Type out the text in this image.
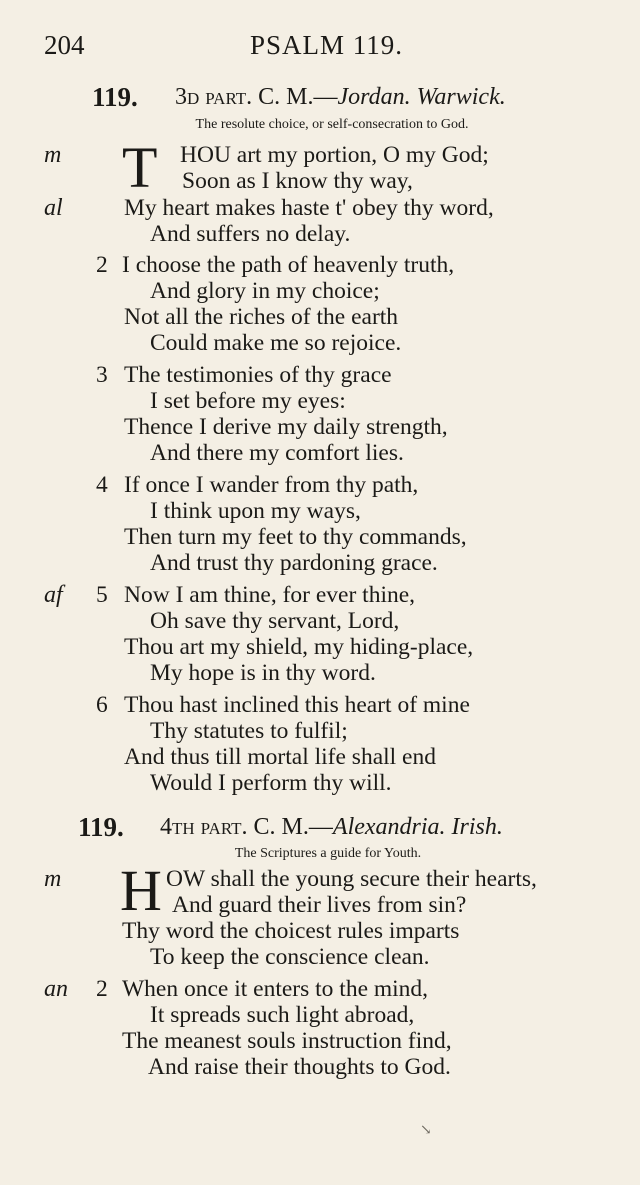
204	PSALM 119.
119. 3d part. C. M.—Jordan. Warwick.
The resolute choice, or self-consecration to God.
T
m	HOU art my portion, O my God;
Soon as I know thy way,
al	My heart makes haste t' obey thy word,
And suffers no delay.
2 I choose the path of heavenly truth,
And glory in my choice;
Not all the riches of the earth
Could make me so rejoice.
3 The testimonies of thy grace
I set before my eyes:
Thence I derive my daily strength,
And there my comfort lies.
4 If once I wander from thy path,
I think upon my ways,
Then turn my feet to thy commands,
And trust thy pardoning grace.
af 5 Now I am thine, for ever thine,
Oh save thy servant, Lord,
Thou art my shield, my hiding-place,
My hope is in thy word.
6 Thou hast inclined this heart of mine
Thy statutes to fulfil;
And thus till mortal life shall end
Would I perform thy will.
119. 4th part. C. M.—Alexandria. Irish.
The Scriptures a guide for Youth.
H
m	OW shall the young secure their hearts,
And guard their lives from sin?
Thy word the choicest rules imparts
To keep the conscience clean.
an 2 When once it enters to the mind,
It spreads such light abroad,
The meanest souls instruction find,
And raise their thoughts to God.
↘
